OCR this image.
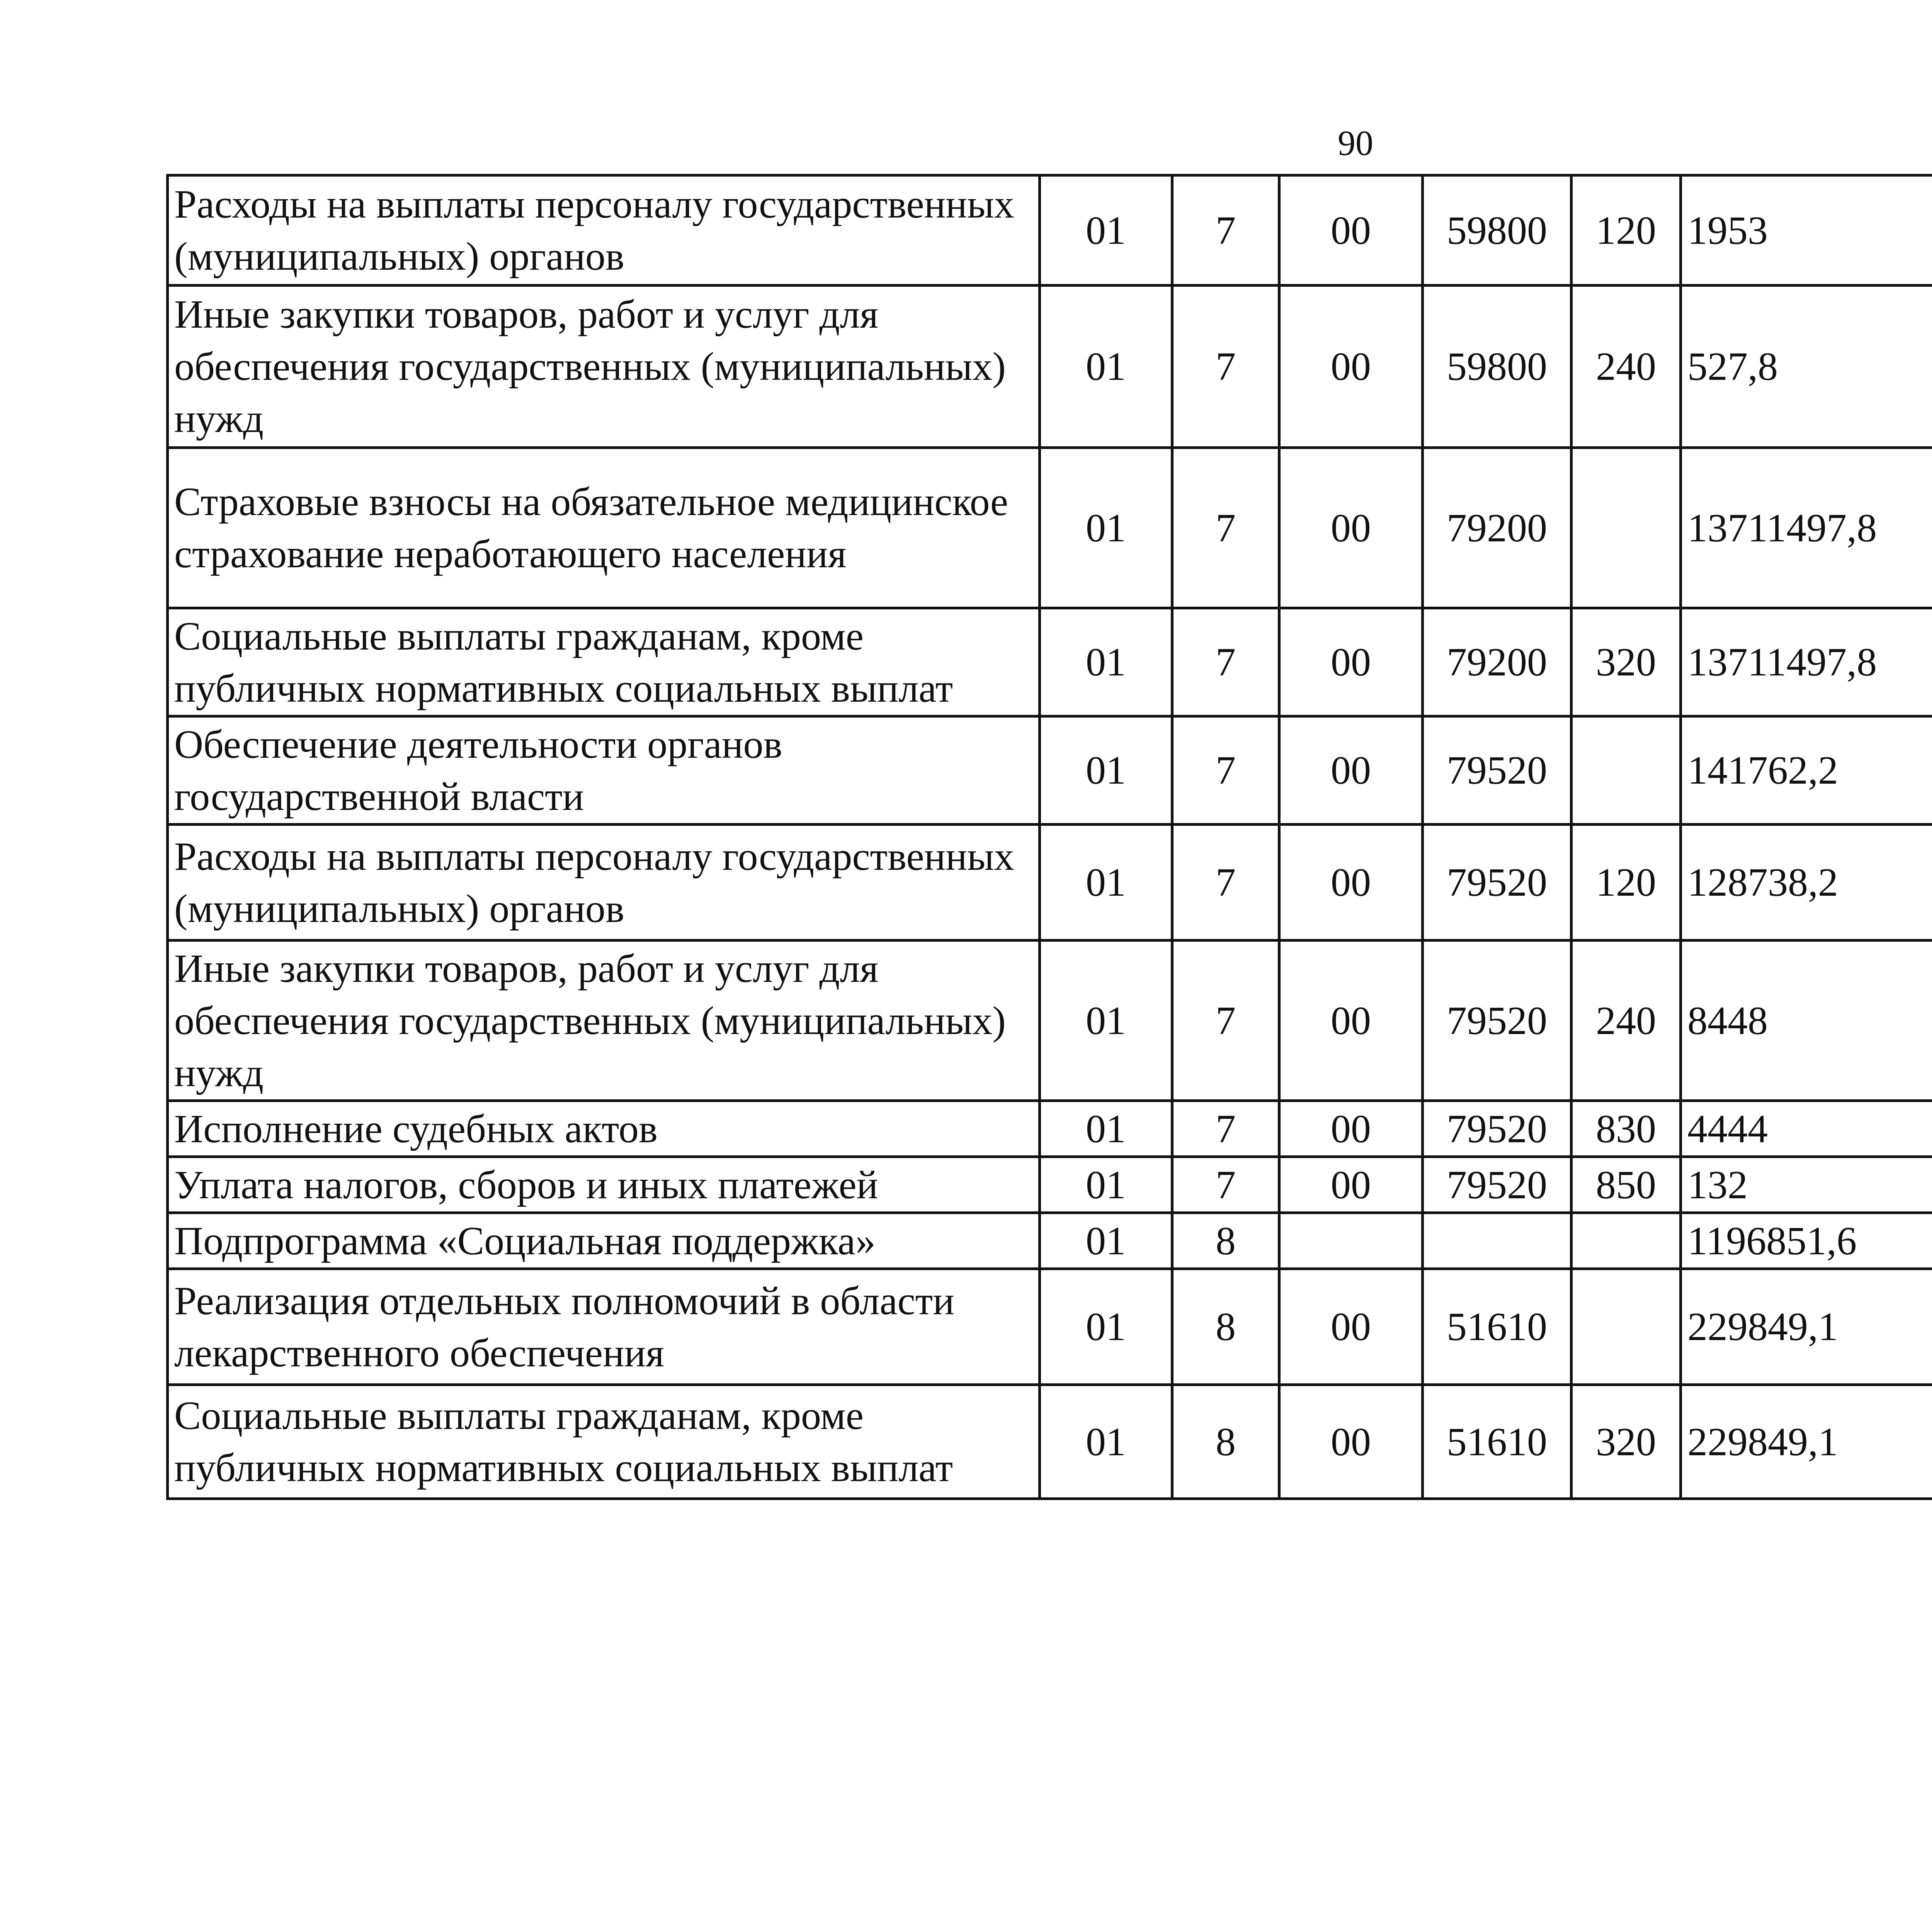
90
Расходы на выплаты персоналу государственных (муниципальных) органов	01	7	00	59800	120	1953		
Иные закупки товаров, работ и услуг для обеспечения государственных (муниципальных) нужд	01	7	00	59800	240	527,8		
Страховые взносы на обязательное медицинское страхование неработающего населения	01	7	00	79200		13711497,8		
Социальные выплаты гражданам, кроме публичных нормативных социальных выплат	01	7	00	79200	320	13711497,8		
Обеспечение деятельности органов государственной власти	01	7	00	79520		141762,2		
Расходы на выплаты персоналу государственных (муниципальных) органов	01	7	00	79520	120	128738,2		
Иные закупки товаров, работ и услуг для обеспечения государственных (муниципальных) нужд	01	7	00	79520	240	8448		
Исполнение судебных актов	01	7	00	79520	830	4444		
Уплата налогов, сборов и иных платежей	01	7	00	79520	850	132		
Подпрограмма «Социальная поддержка»	01	8				1196851,6		
Реализация отдельных полномочий в области лекарственного обеспечения	01	8	00	51610		229849,1		
Социальные выплаты гражданам, кроме публичных нормативных социальных выплат	01	8	00	51610	320	229849,1		
